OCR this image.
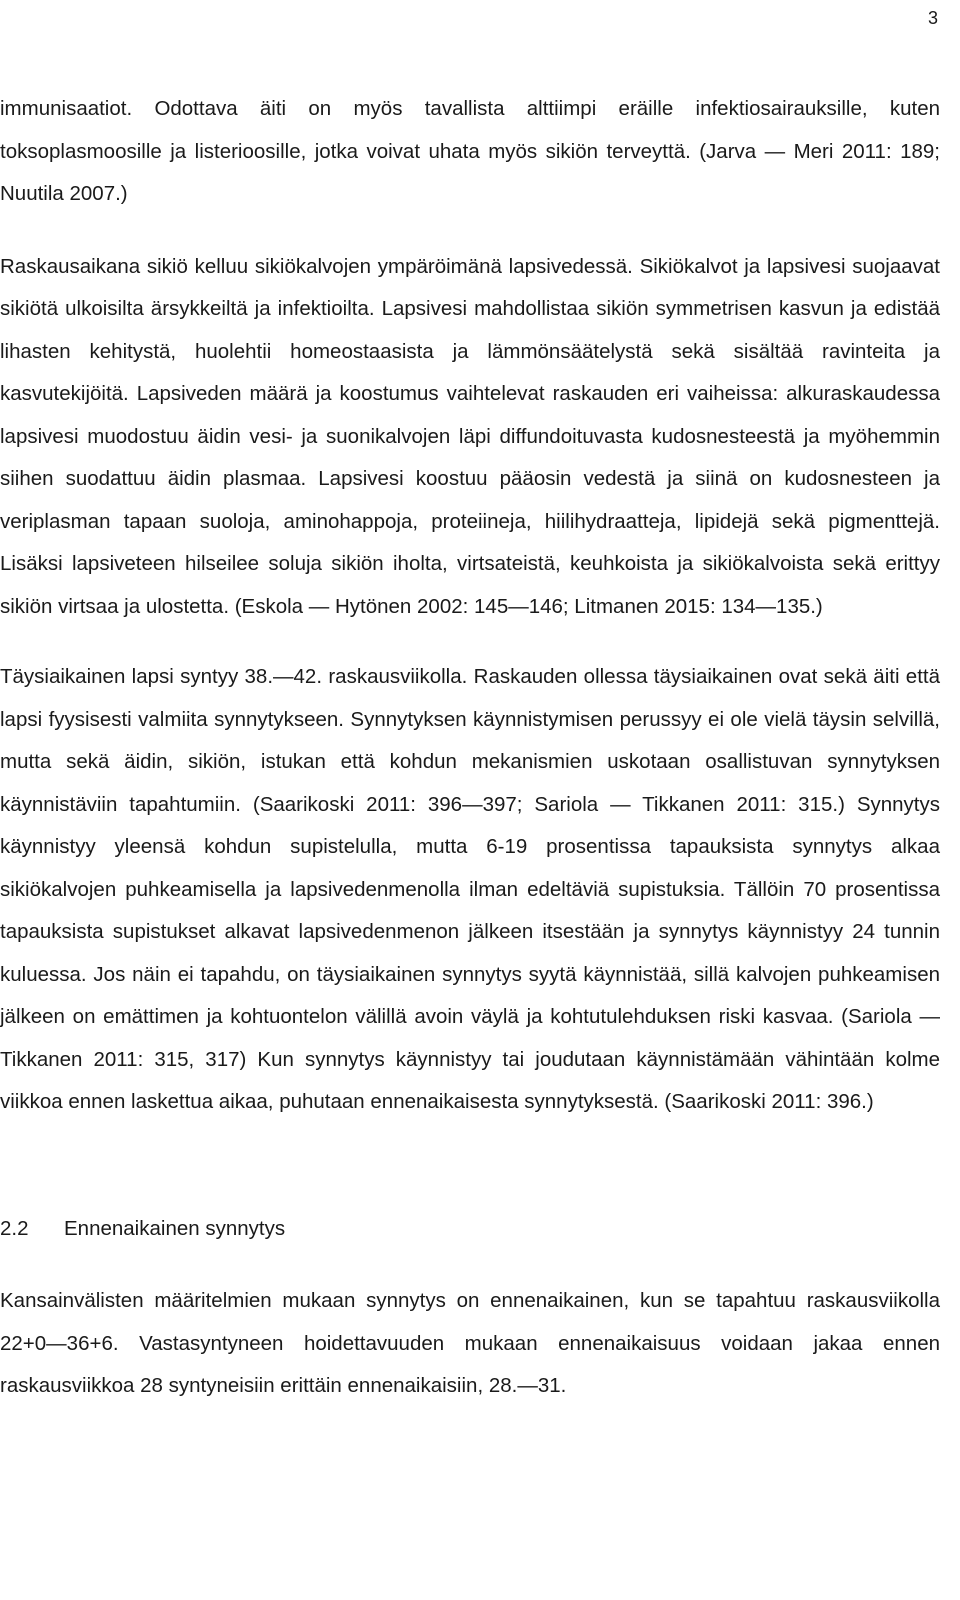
3

immunisaatiot. Odottava äiti on myös tavallista alttiimpi eräille infektiosairauksille, kuten toksoplasmoosille ja listerioosille, jotka voivat uhata myös sikiön terveyttä. (Jarva — Meri 2011: 189; Nuutila 2007.)

Raskausaikana sikiö kelluu sikiökalvojen ympäröimänä lapsivedessä. Sikiökalvot ja lapsivesi suojaavat sikiötä ulkoisilta ärsykkeiltä ja infektioilta. Lapsivesi mahdollistaa sikiön symmetrisen kasvun ja edistää lihasten kehitystä, huolehtii homeostaasista ja lämmönsäätelystä sekä sisältää ravinteita ja kasvutekijöitä. Lapsiveden määrä ja koostumus vaihtelevat raskauden eri vaiheissa: alkuraskaudessa lapsivesi muodostuu äidin vesi- ja suonikalvojen läpi diffundoituvasta kudosnesteestä ja myöhemmin siihen suodattuu äidin plasmaa. Lapsivesi koostuu pääosin vedestä ja siinä on kudosnesteen ja veriplasman tapaan suoloja, aminohappoja, proteiineja, hiilihydraatteja, lipidejä sekä pigmenttejä. Lisäksi lapsiveteen hilseilee soluja sikiön iholta, virtsateistä, keuhkoista ja sikiökalvoista sekä erittyy sikiön virtsaa ja ulostetta. (Eskola — Hytönen 2002: 145—146; Litmanen 2015: 134—135.)

Täysiaikainen lapsi syntyy 38.—42. raskausviikolla. Raskauden ollessa täysiaikainen ovat sekä äiti että lapsi fyysisesti valmiita synnytykseen. Synnytyksen käynnistymisen perussyy ei ole vielä täysin selvillä, mutta sekä äidin, sikiön, istukan että kohdun mekanismien uskotaan osallistuvan synnytyksen käynnistäviin tapahtumiin. (Saarikoski 2011: 396—397; Sariola — Tikkanen 2011: 315.) Synnytys käynnistyy yleensä kohdun supistelulla, mutta 6-19 prosentissa tapauksista synnytys alkaa sikiökalvojen puhkeamisella ja lapsivedenmenolla ilman edeltäviä supistuksia. Tällöin 70 prosentissa tapauksista supistukset alkavat lapsivedenmenon jälkeen itsestään ja synnytys käynnistyy 24 tunnin kuluessa. Jos näin ei tapahdu, on täysiaikainen synnytys syytä käynnistää, sillä kalvojen puhkeamisen jälkeen on emättimen ja kohtuontelon välillä avoin väylä ja kohtutulehduksen riski kasvaa. (Sariola — Tikkanen 2011: 315, 317) Kun synnytys käynnistyy tai joudutaan käynnistämään vähintään kolme viikkoa ennen laskettua aikaa, puhutaan ennenaikaisesta synnytyksestä. (Saarikoski 2011: 396.)

2.2	Ennenaikainen synnytys

Kansainvälisten määritelmien mukaan synnytys on ennenaikainen, kun se tapahtuu raskausviikolla 22+0—36+6. Vastasyntyneen hoidettavuuden mukaan ennenaikaisuus voidaan jakaa ennen raskausviikkoa 28 syntyneisiin erittäin ennenaikaisiin, 28.—31.
